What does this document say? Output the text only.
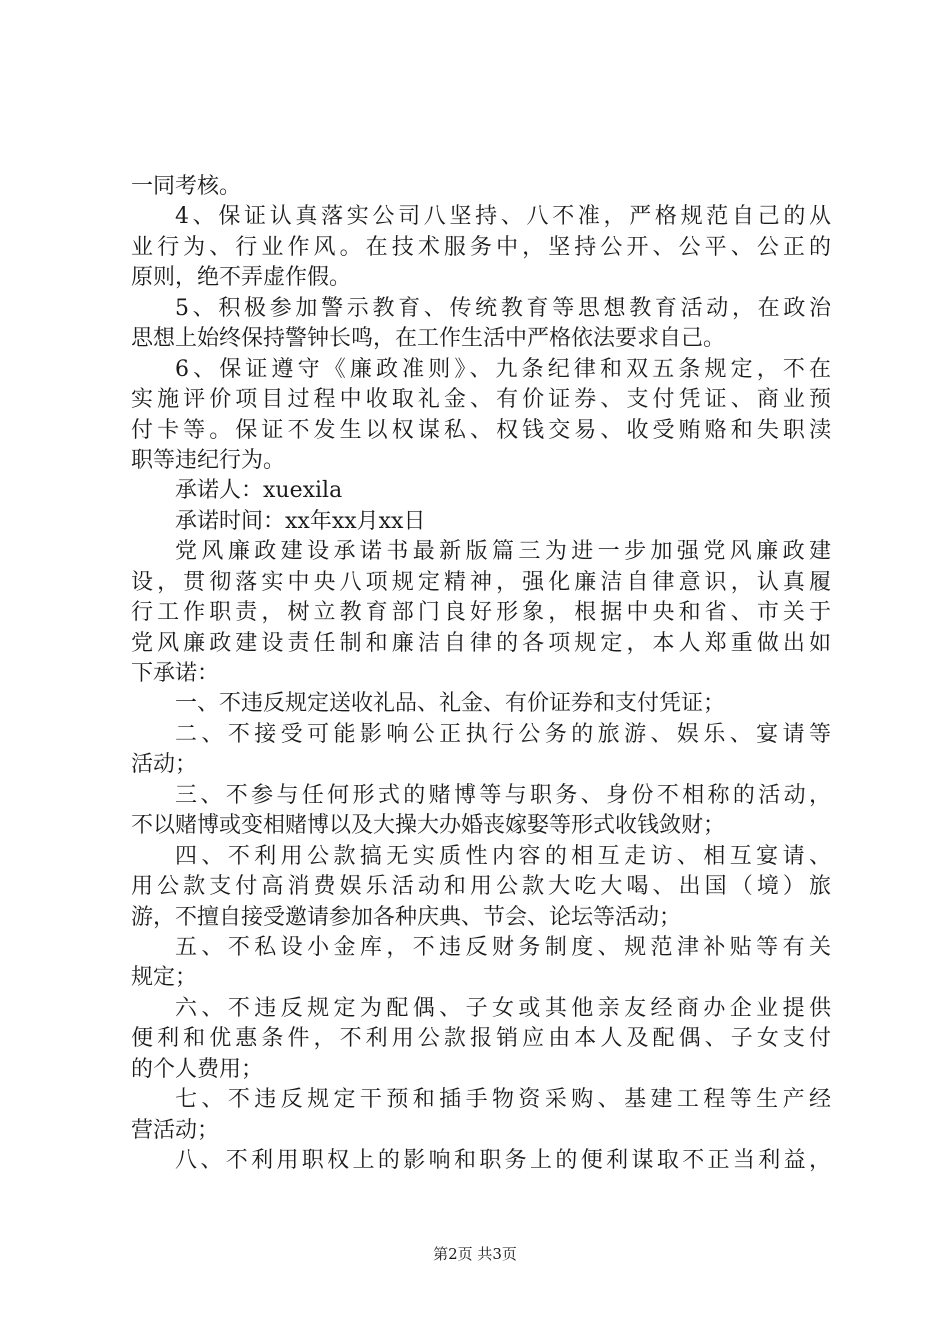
一同考核。
4、保证认真落实公司八坚持、八不准，严格规范自己的从
业行为、行业作风。在技术服务中，坚持公开、公平、公正的
原则，绝不弄虚作假。
5、积极参加警示教育、传统教育等思想教育活动，在政治
思想上始终保持警钟长鸣，在工作生活中严格依法要求自己。
6、保证遵守《廉政准则》、九条纪律和双五条规定，不在
实施评价项目过程中收取礼金、有价证券、支付凭证、商业预
付卡等。保证不发生以权谋私、权钱交易、收受贿赂和失职渎
职等违纪行为。
承诺人：xuexila
承诺时间：xx年xx月xx日
党风廉政建设承诺书最新版篇三为进一步加强党风廉政建
设，贯彻落实中央八项规定精神，强化廉洁自律意识，认真履
行工作职责，树立教育部门良好形象，根据中央和省、市关于
党风廉政建设责任制和廉洁自律的各项规定，本人郑重做出如
下承诺：
一、不违反规定送收礼品、礼金、有价证券和支付凭证；
二、不接受可能影响公正执行公务的旅游、娱乐、宴请等
活动；
三、不参与任何形式的赌博等与职务、身份不相称的活动，
不以赌博或变相赌博以及大操大办婚丧嫁娶等形式收钱敛财；
四、不利用公款搞无实质性内容的相互走访、相互宴请、
用公款支付高消费娱乐活动和用公款大吃大喝、出国（境）旅
游，不擅自接受邀请参加各种庆典、节会、论坛等活动；
五、不私设小金库，不违反财务制度、规范津补贴等有关
规定；
六、不违反规定为配偶、子女或其他亲友经商办企业提供
便利和优惠条件，不利用公款报销应由本人及配偶、子女支付
的个人费用；
七、不违反规定干预和插手物资采购、基建工程等生产经
营活动；
八、不利用职权上的影响和职务上的便利谋取不正当利益，
第2页 共3页
